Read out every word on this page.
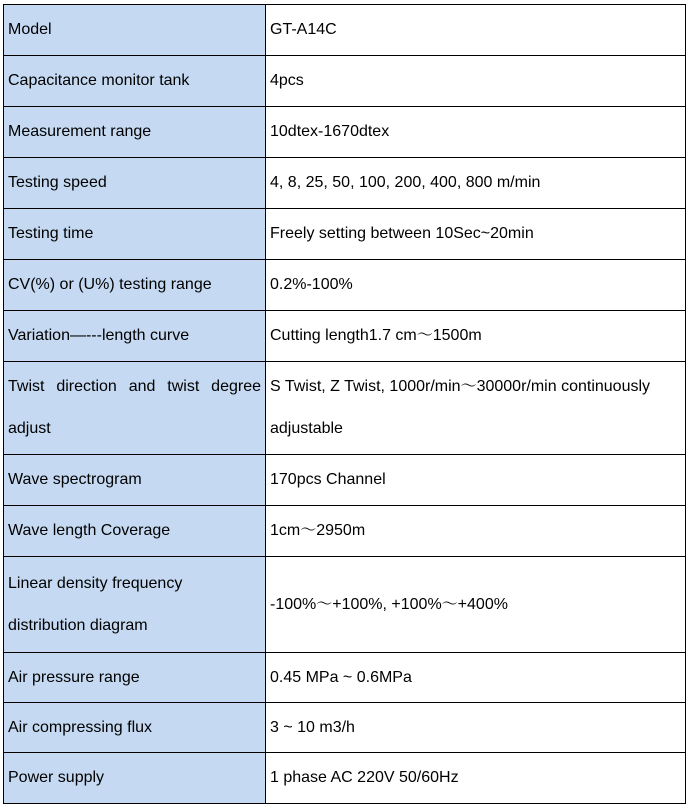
Model	GT-A14C
Capacitance monitor tank	4pcs
Measurement range	10dtex-1670dtex
Testing speed	4, 8, 25, 50, 100, 200, 400, 800 m/min
Testing time	Freely setting between 10Sec~20min
CV(%) or (U%) testing range	0.2%-100%
Variation—---length curve	Cutting length1.7 cm～1500m
Twist direction and twist degree adjust	S Twist, Z Twist, 1000r/min～30000r/min continuously adjustable
Wave spectrogram	170pcs Channel
Wave length Coverage	1cm～2950m
Linear density frequency distribution diagram	-100%～+100%, +100%～+400%
Air pressure range	0.45 MPa ~ 0.6MPa
Air compressing flux	3 ~ 10 m3/h
Power supply	1 phase AC 220V 50/60Hz
